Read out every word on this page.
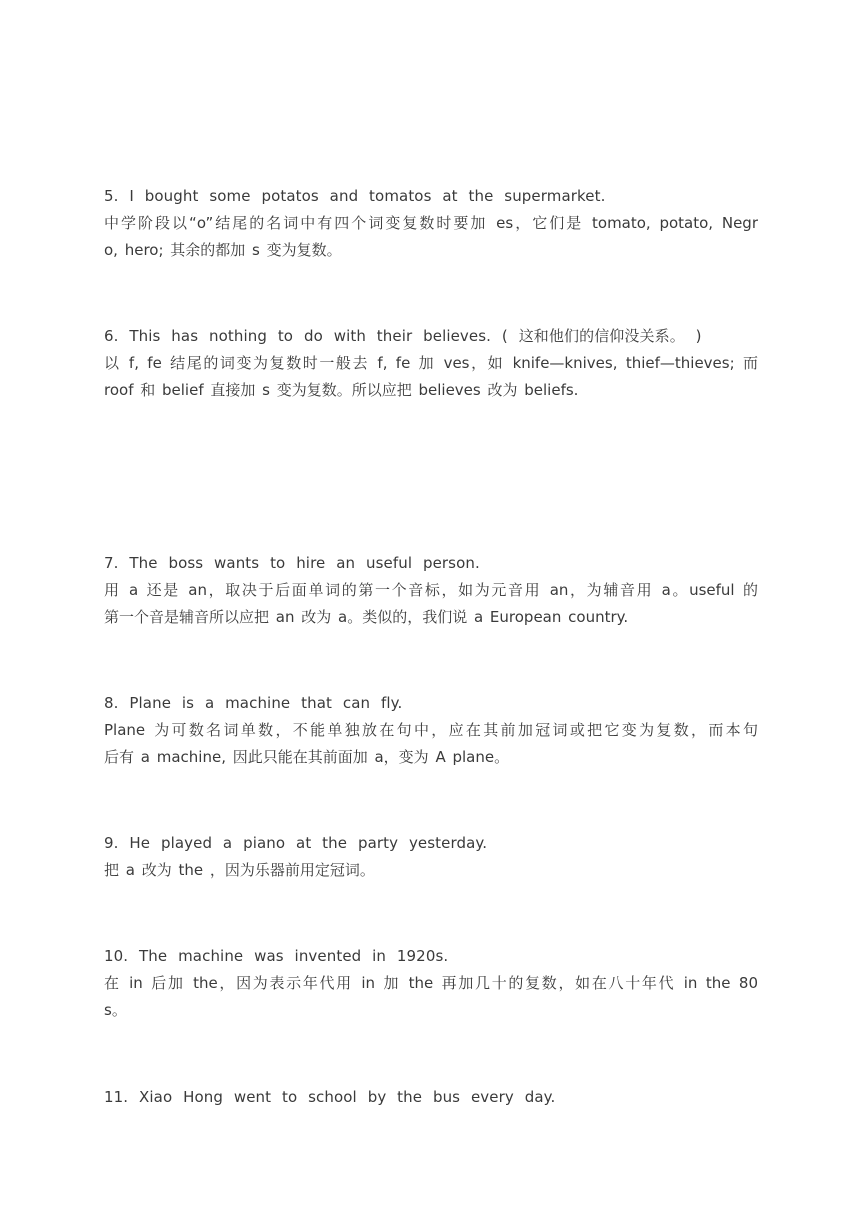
5. I bought some potatos and tomatos at the supermarket.
中学阶段以“o”结尾的名词中有四个词变复数时要加 es，它们是 tomato, potato, Negr
o, hero; 其余的都加 s 变为复数。
6. This has nothing to do with their believes. ( 这和他们的信仰没关系。 )
以 f, fe 结尾的词变为复数时一般去 f, fe 加 ves，如 knife—knives, thief—thieves; 而
roof 和 belief 直接加 s 变为复数。所以应把 believes 改为 beliefs.
7. The boss wants to hire an useful person.
用 a 还是 an，取决于后面单词的第一个音标，如为元音用 an，为辅音用 a。useful 的
第一个音是辅音所以应把 an 改为 a。类似的，我们说 a European country.
8. Plane is a machine that can fly.
Plane 为可数名词单数，不能单独放在句中，应在其前加冠词或把它变为复数，而本句
后有 a machine, 因此只能在其前面加 a，变为 A plane。
9. He played a piano at the party yesterday.
把 a 改为 the ，因为乐器前用定冠词。
10. The machine was invented in 1920s.
在 in 后加 the，因为表示年代用 in 加 the 再加几十的复数，如在八十年代 in the 80
s。
11. Xiao Hong went to school by the bus every day.
